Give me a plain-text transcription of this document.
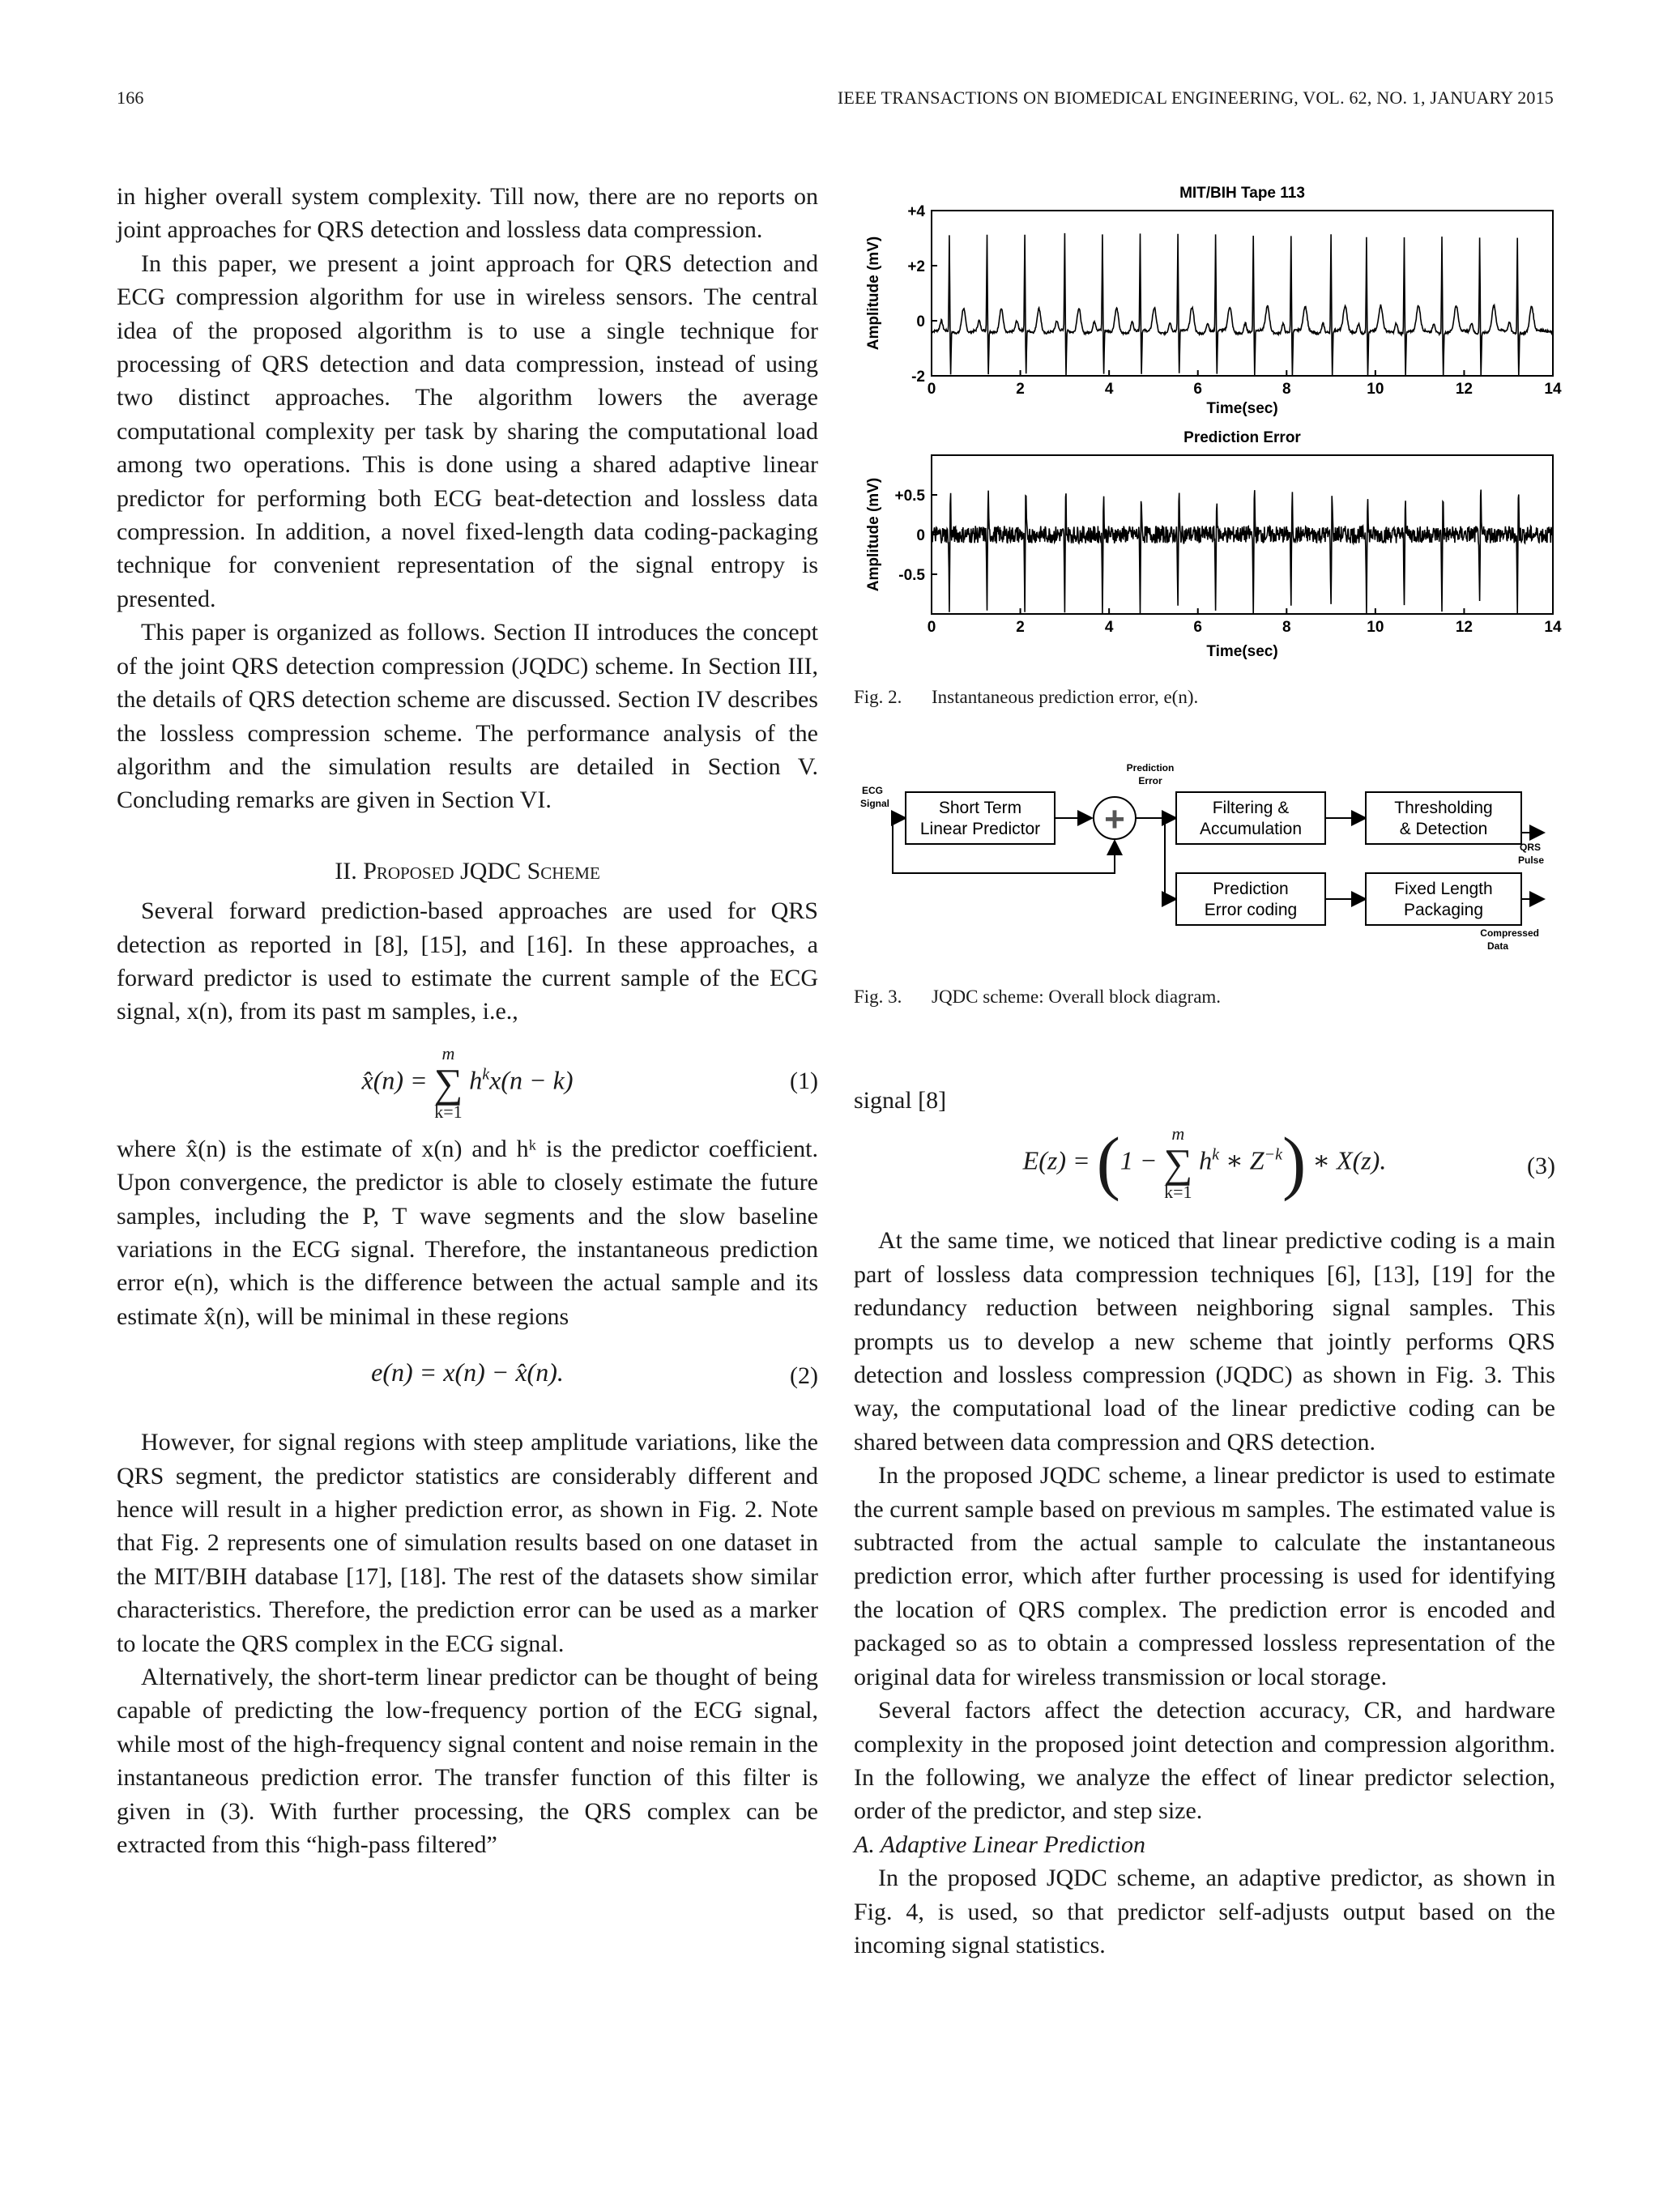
166	IEEE TRANSACTIONS ON BIOMEDICAL ENGINEERING, VOL. 62, NO. 1, JANUARY 2015

in higher overall system complexity. Till now, there are no reports on joint approaches for QRS detection and lossless data compression.

In this paper, we present a joint approach for QRS detection and ECG compression algorithm for use in wireless sensors. The central idea of the proposed algorithm is to use a single technique for processing of QRS detection and data compression, instead of using two distinct approaches. The algorithm lowers the average computational complexity per task by sharing the computational load among two operations. This is done using a shared adaptive linear predictor for performing both ECG beat-detection and lossless data compression. In addition, a novel fixed-length data coding-packaging technique for convenient representation of the signal entropy is presented.

This paper is organized as follows. Section II introduces the concept of the joint QRS detection compression (JQDC) scheme. In Section III, the details of QRS detection scheme are discussed. Section IV describes the lossless compression scheme. The performance analysis of the algorithm and the simulation results are detailed in Section V. Concluding remarks are given in Section VI.

II. Proposed JQDC Scheme

Several forward prediction-based approaches are used for QRS detection as reported in [8], [15], and [16]. In these approaches, a forward predictor is used to estimate the current sample of the ECG signal, x(n), from its past m samples, i.e.,

x̂(n) =
m
∑
k=1
$h^kx(n - k)$	(1)

where x̂(n) is the estimate of x(n) and hᵏ is the predictor coefficient. Upon convergence, the predictor is able to closely estimate the future samples, including the P, T wave segments and the slow baseline variations in the ECG signal. Therefore, the instantaneous prediction error e(n), which is the difference between the actual sample and its estimate x̂(n), will be minimal in these regions

e(n) = x(n) − x̂(n).	(2)

However, for signal regions with steep amplitude variations, like the QRS segment, the predictor statistics are considerably different and hence will result in a higher prediction error, as shown in Fig. 2. Note that Fig. 2 represents one of simulation results based on one dataset in the MIT/BIH database [17], [18]. The rest of the datasets show similar characteristics. Therefore, the prediction error can be used as a marker to locate the QRS complex in the ECG signal.

Alternatively, the short-term linear predictor can be thought of being capable of predicting the low-frequency portion of the ECG signal, while most of the high-frequency signal content and noise remain in the instantaneous prediction error. The transfer function of this filter is given in (3). With further processing, the QRS complex can be extracted from this “high-pass filtered”

MIT/BIH Tape 113
Time(sec)
Amplitude (mV)
0	2	4	6	8	10	12	14
-2
0
+2
+4
Prediction Error
Time(sec)
Amplitude (mV)
0	2	4	6	8	10	12	14
-0.5
0
+0.5
Fig. 2. Instantaneous prediction error, e(n).
ECG
Signal	Short Term
Linear Predictor +
Prediction
Error
Filtering &
Accumulation
Thresholding
& Detection
QRS
Pulse
Prediction
Error coding
Fixed Length
Packaging
Compressed
Data
Fig. 3. JQDC scheme: Overall block diagram.

signal [8]

E(z) = (1 −
m
∑
k=1
$h^k$ ∗ $Z^{-k}$) ∗ X(z).	(3)

At the same time, we noticed that linear predictive coding is a main part of lossless data compression techniques [6], [13], [19] for the redundancy reduction between neighboring signal samples. This prompts us to develop a new scheme that jointly performs QRS detection and lossless compression (JQDC) as shown in Fig. 3. This way, the computational load of the linear predictive coding can be shared between data compression and QRS detection.

In the proposed JQDC scheme, a linear predictor is used to estimate the current sample based on previous m samples. The estimated value is subtracted from the actual sample to calculate the instantaneous prediction error, which after further processing is used for identifying the location of QRS complex. The prediction error is encoded and packaged so as to obtain a compressed lossless representation of the original data for wireless transmission or local storage.

Several factors affect the detection accuracy, CR, and hardware complexity in the proposed joint detection and compression algorithm. In the following, we analyze the effect of linear predictor selection, order of the predictor, and step size.

A. Adaptive Linear Prediction

In the proposed JQDC scheme, an adaptive predictor, as shown in Fig. 4, is used, so that predictor self-adjusts output based on the incoming signal statistics.
